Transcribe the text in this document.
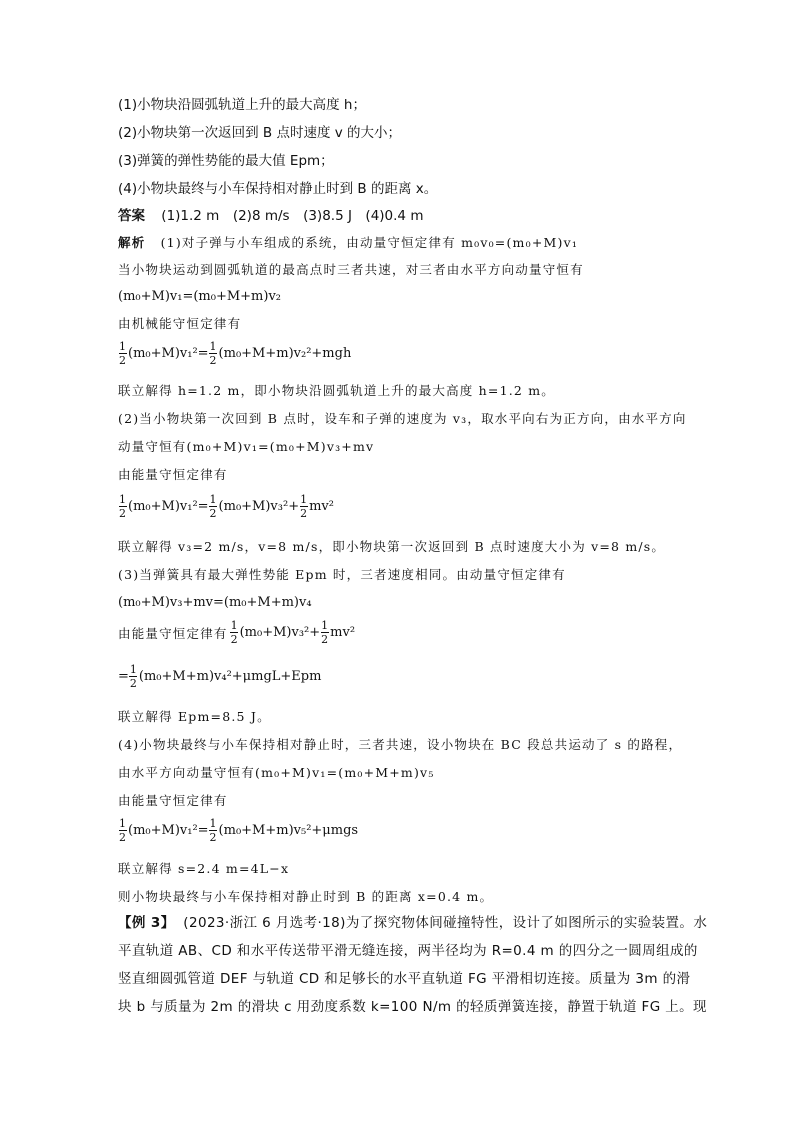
(1)小物块沿圆弧轨道上升的最大高度 h；
(2)小物块第一次返回到 B 点时速度 v 的大小；
(3)弹簧的弹性势能的最大值 Epm；
(4)小物块最终与小车保持相对静止时到 B 的距离 x。
答案 (1)1.2 m　(2)8 m/s　(3)8.5 J　(4)0.4 m
解析 (1)对子弹与小车组成的系统，由动量守恒定律有 m₀v₀=(m₀+M)v₁
当小物块运动到圆弧轨道的最高点时三者共速，对三者由水平方向动量守恒有
(m₀+M)v₁=(m₀+M+m)v₂
由机械能守恒定律有
$\frac{1}{2} (m_0+M)v_1^2= \frac{1}{2} (m_0+M+m)v_2^2+mgh$
联立解得 h=1.2 m，即小物块沿圆弧轨道上升的最大高度 h=1.2 m。
(2)当小物块第一次回到 B 点时，设车和子弹的速度为 v₃，取水平向右为正方向，由水平方向
动量守恒有(m₀+M)v₁=(m₀+M)v₃+mv
由能量守恒定律有
$\frac{1}{2} (m_0+M)v_1^2= \frac{1}{2} (m_0+M)v_3^2+ \frac{1}{2} mv^2$
联立解得 v₃=2 m/s，v=8 m/s，即小物块第一次返回到 B 点时速度大小为 v=8 m/s。
(3)当弹簧具有最大弹性势能 Epm 时，三者速度相同。由动量守恒定律有
(m₀+M)v₃+mv=(m₀+M+m)v₄
由能量守恒定律有 $\frac{1}{2} (m_0+M)v_3^2+ \frac{1}{2} mv^2$
= $\frac{1}{2} (m_0+M+m)v_4^2+\mu mgL+Epm$
联立解得 Epm=8.5 J。
(4)小物块最终与小车保持相对静止时，三者共速，设小物块在 BC 段总共运动了 s 的路程，
由水平方向动量守恒有(m₀+M)v₁=(m₀+M+m)v₅
由能量守恒定律有
$\frac{1}{2} (m_0+M)v_1^2= \frac{1}{2} (m_0+M+m)v_5^2+\mu mgs$
联立解得 s=2.4 m=4L−x
则小物块最终与小车保持相对静止时到 B 的距离 x=0.4 m。
【例 3】 (2023·浙江 6 月选考·18)为了探究物体间碰撞特性，设计了如图所示的实验装置。水
平直轨道 AB、CD 和水平传送带平滑无缝连接，两半径均为 R=0.4 m 的四分之一圆周组成的
竖直细圆弧管道 DEF 与轨道 CD 和足够长的水平直轨道 FG 平滑相切连接。质量为 3m 的滑
块 b 与质量为 2m 的滑块 c 用劲度系数 k=100 N/m 的轻质弹簧连接，静置于轨道 FG 上。现
